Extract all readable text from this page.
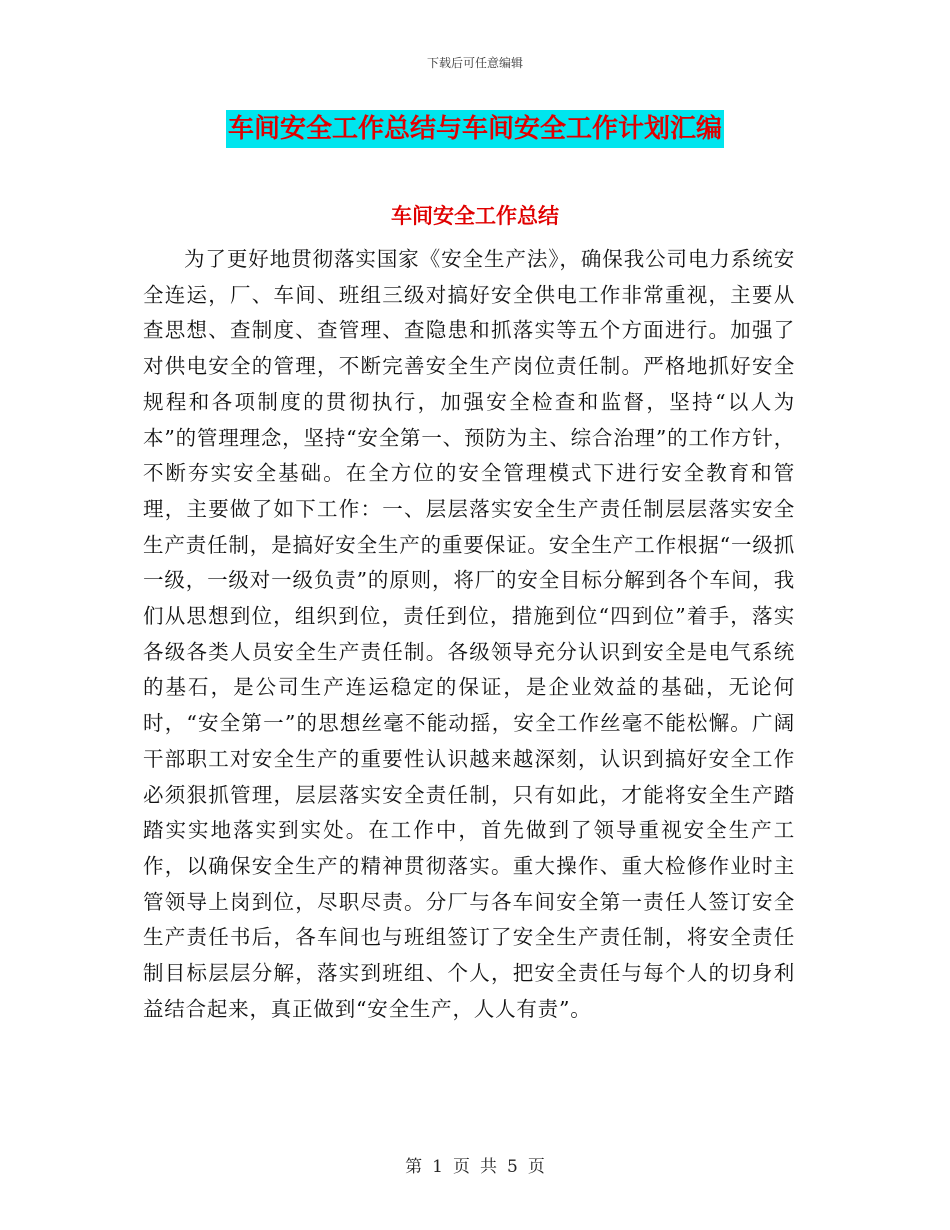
下载后可任意编辑
车间安全工作总结与车间安全工作计划汇编
车间安全工作总结

为了更好地贯彻落实国家《安全生产法》，确保我公司电力系统安全连运，厂、车间、班组三级对搞好安全供电工作非常重视，主要从查思想、查制度、查管理、查隐患和抓落实等五个方面进行。加强了对供电安全的管理，不断完善安全生产岗位责任制。严格地抓好安全规程和各项制度的贯彻执行，加强安全检查和监督，坚持“以人为本”的管理理念，坚持“安全第一、预防为主、综合治理”的工作方针，不断夯实安全基础。在全方位的安全管理模式下进行安全教育和管理，主要做了如下工作：一、层层落实安全生产责任制层层落实安全生产责任制，是搞好安全生产的重要保证。安全生产工作根据“一级抓一级，一级对一级负责”的原则，将厂的安全目标分解到各个车间，我们从思想到位，组织到位，责任到位，措施到位“四到位”着手，落实各级各类人员安全生产责任制。各级领导充分认识到安全是电气系统的基石，是公司生产连运稳定的保证，是企业效益的基础，无论何时，“安全第一”的思想丝毫不能动摇，安全工作丝毫不能松懈。广阔干部职工对安全生产的重要性认识越来越深刻，认识到搞好安全工作必须狠抓管理，层层落实安全责任制，只有如此，才能将安全生产踏踏实实地落实到实处。在工作中，首先做到了领导重视安全生产工作，以确保安全生产的精神贯彻落实。重大操作、重大检修作业时主管领导上岗到位，尽职尽责。分厂与各车间安全第一责任人签订安全生产责任书后，各车间也与班组签订了安全生产责任制，将安全责任制目标层层分解，落实到班组、个人，把安全责任与每个人的切身利益结合起来，真正做到“安全生产，人人有责”。

第 1 页 共 5 页
